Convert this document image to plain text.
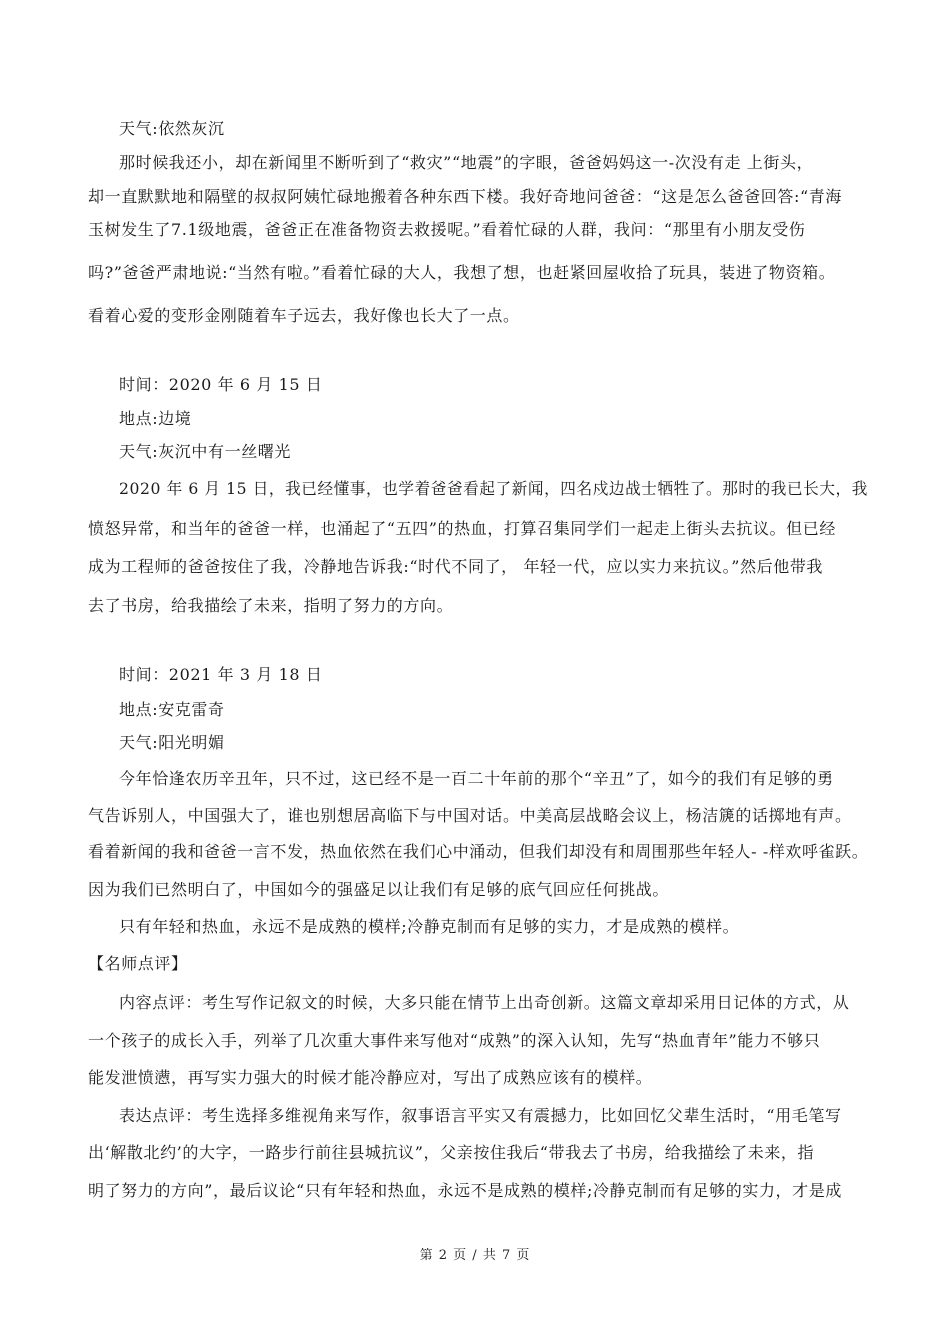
天气:依然灰沉
那时候我还小，却在新闻里不断听到了“救灾”“地震”的字眼，爸爸妈妈这一-次没有走 上街头，
却一直默默地和隔壁的叔叔阿姨忙碌地搬着各种东西下楼。我好奇地问爸爸：“这是怎么爸爸回答:“青海
玉树发生了7.1级地震，爸爸正在准备物资去救援呢。”看着忙碌的人群，我问：“那里有小朋友受伤
吗?”爸爸严肃地说:“当然有啦。”看着忙碌的大人，我想了想，也赶紧回屋收拾了玩具，装进了物资箱。
看着心爱的变形金刚随着车子远去，我好像也长大了一点。
时间：2020 年 6 月 15 日
地点:边境
天气:灰沉中有一丝曙光
2020 年 6 月 15 日，我已经懂事，也学着爸爸看起了新闻，四名戍边战士牺牲了。那时的我已长大，我
愤怒异常，和当年的爸爸一样，也涌起了“五四”的热血，打算召集同学们一起走上街头去抗议。但已经
成为工程师的爸爸按住了我，冷静地告诉我:“时代不同了， 年轻一代，应以实力来抗议。”然后他带我
去了书房，给我描绘了未来，指明了努力的方向。
时间：2021 年 3 月 18 日
地点:安克雷奇
天气:阳光明媚
今年恰逢农历辛丑年，只不过，这已经不是一百二十年前的那个“辛丑”了，如今的我们有足够的勇
气告诉别人，中国强大了，谁也别想居高临下与中国对话。中美高层战略会议上，杨洁篪的话掷地有声。
看着新闻的我和爸爸一言不发，热血依然在我们心中涌动，但我们却没有和周围那些年轻人- -样欢呼雀跃。
因为我们已然明白了，中国如今的强盛足以让我们有足够的底气回应任何挑战。
只有年轻和热血，永远不是成熟的模样;冷静克制而有足够的实力，才是成熟的模样。
【名师点评】
内容点评：考生写作记叙文的时候，大多只能在情节上出奇创新。这篇文章却采用日记体的方式，从
一个孩子的成长入手，列举了几次重大事件来写他对“成熟”的深入认知，先写“热血青年”能力不够只
能发泄愤懑，再写实力强大的时候才能冷静应对，写出了成熟应该有的模样。
表达点评：考生选择多维视角来写作，叙事语言平实又有震撼力，比如回忆父辈生活时，“用毛笔写
出‘解散北约’的大字，一路步行前往县城抗议”，父亲按住我后“带我去了书房，给我描绘了未来，指
明了努力的方向”，最后议论“只有年轻和热血，永远不是成熟的模样;冷静克制而有足够的实力，才是成
第 2 页 / 共 7 页
